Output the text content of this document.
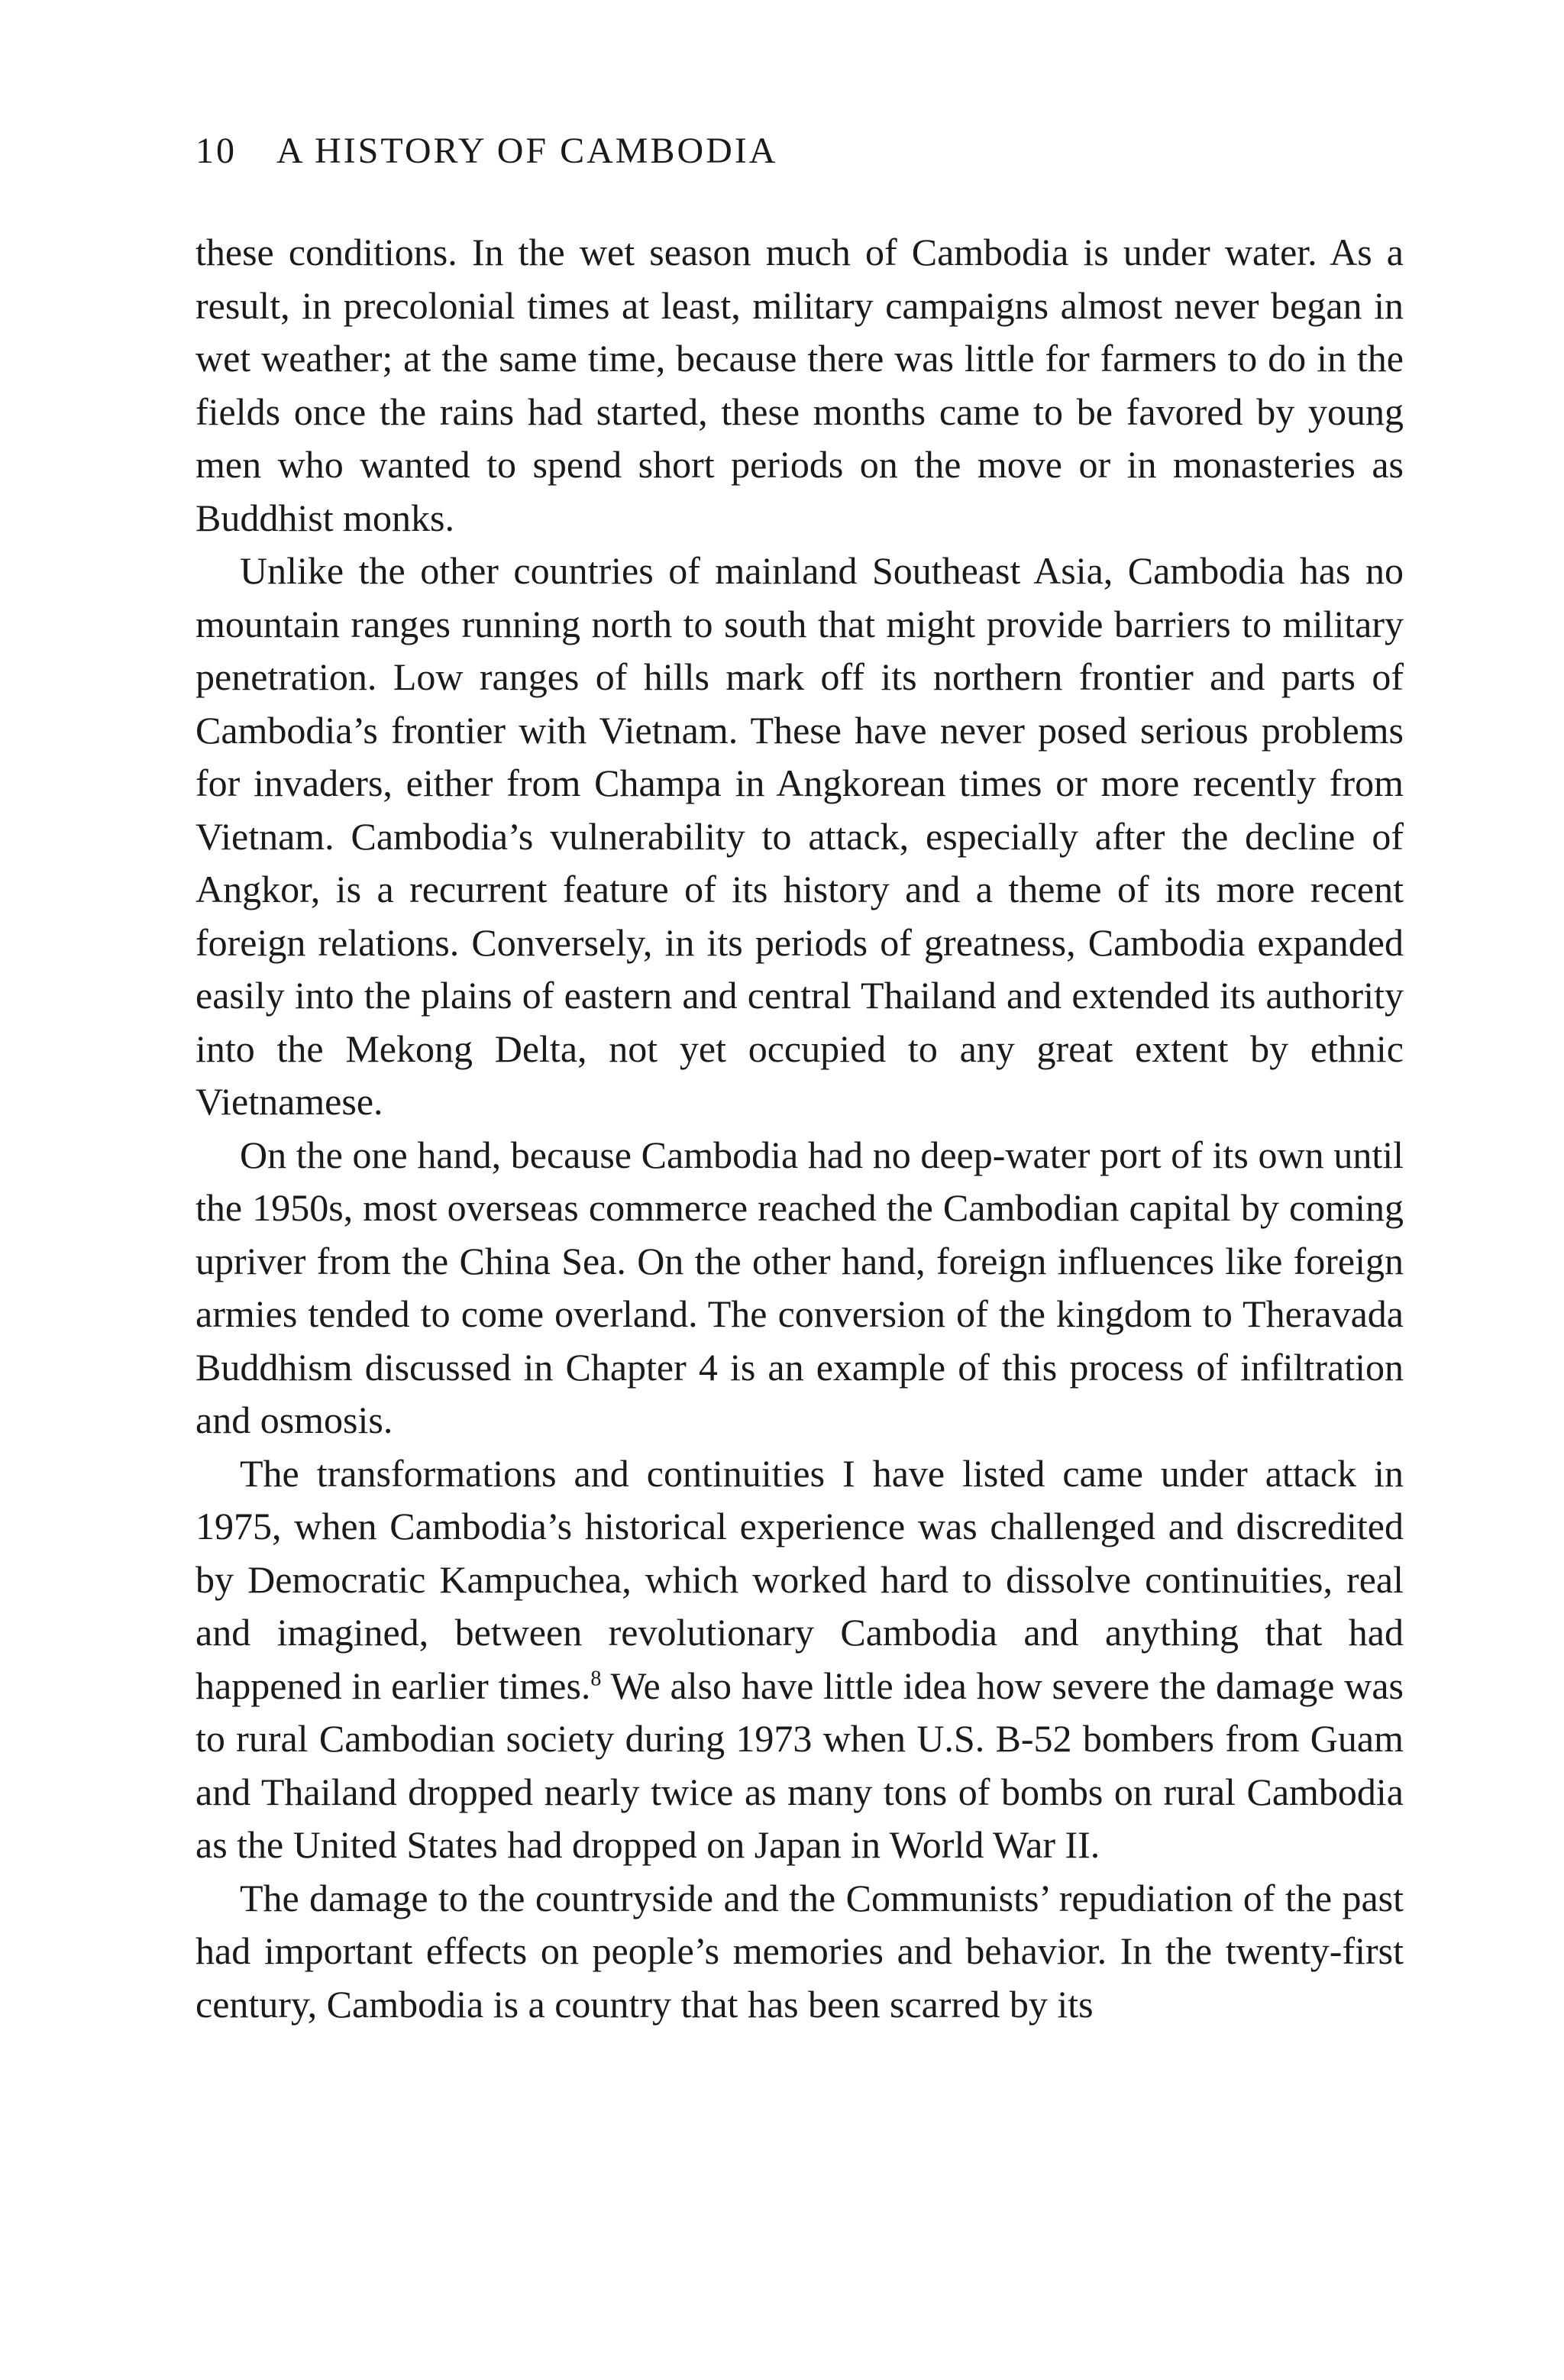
10 A HISTORY OF CAMBODIA

these conditions. In the wet season much of Cambodia is under water. As a result, in precolonial times at least, military campaigns almost never began in wet weather; at the same time, because there was little for farmers to do in the fields once the rains had started, these months came to be favored by young men who wanted to spend short periods on the move or in monasteries as Buddhist monks.

Unlike the other countries of mainland Southeast Asia, Cambodia has no mountain ranges running north to south that might provide barriers to military penetration. Low ranges of hills mark off its northern frontier and parts of Cambodia’s frontier with Vietnam. These have never posed serious problems for invaders, either from Champa in Angkorean times or more recently from Vietnam. Cambodia’s vulnerability to attack, especially after the decline of Angkor, is a recurrent feature of its history and a theme of its more recent foreign relations. Conversely, in its periods of greatness, Cambodia expanded easily into the plains of eastern and central Thailand and extended its authority into the Mekong Delta, not yet occupied to any great extent by ethnic Vietnamese.

On the one hand, because Cambodia had no deep-water port of its own until the 1950s, most overseas commerce reached the Cambodian capital by coming upriver from the China Sea. On the other hand, foreign influences like foreign armies tended to come overland. The conversion of the kingdom to Theravada Buddhism discussed in Chapter 4 is an example of this process of infiltration and osmosis.

The transformations and continuities I have listed came under attack in 1975, when Cambodia’s historical experience was challenged and discredited by Democratic Kampuchea, which worked hard to dissolve continuities, real and imagined, between revolutionary Cambodia and anything that had happened in earlier times.$^8$ We also have little idea how severe the damage was to rural Cambodian society during 1973 when U.S. B-52 bombers from Guam and Thailand dropped nearly twice as many tons of bombs on rural Cambodia as the United States had dropped on Japan in World War II.

The damage to the countryside and the Communists’ repudiation of the past had important effects on people’s memories and behavior. In the twenty-first century, Cambodia is a country that has been scarred by its
